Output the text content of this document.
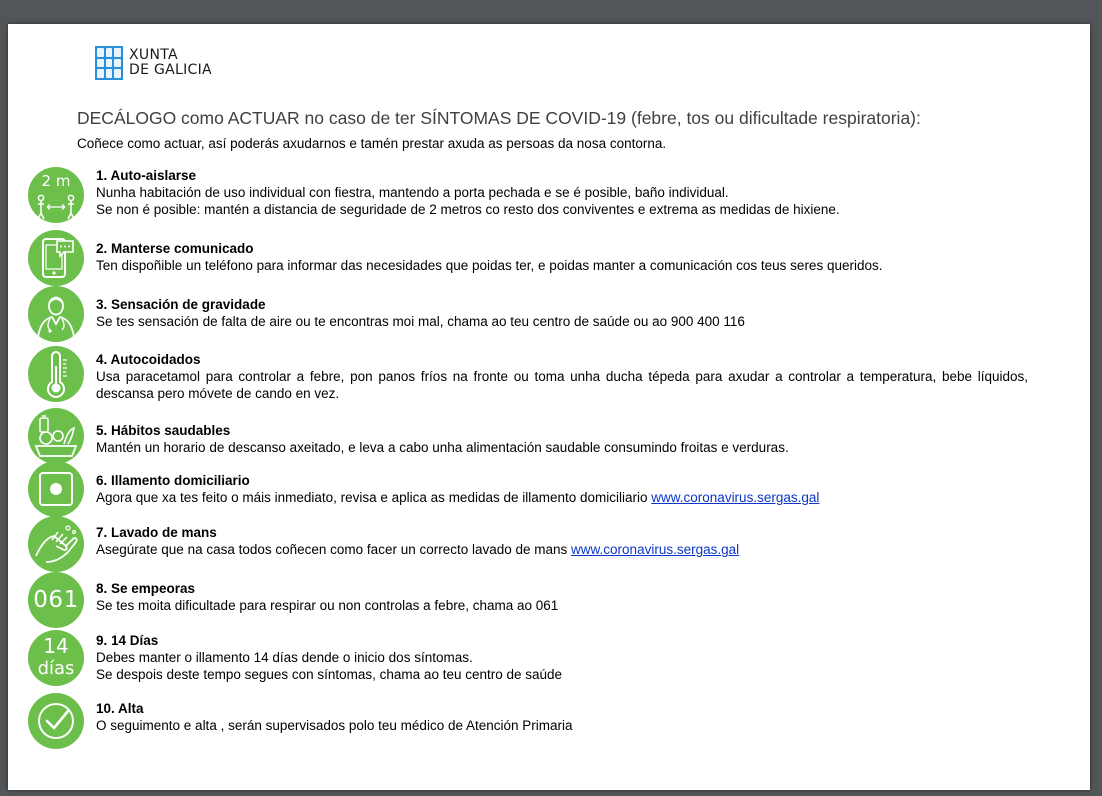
XUNTA
DE GALICIA
DECÁLOGO como ACTUAR no caso de ter SÍNTOMAS DE COVID-19 (febre, tos ou dificultade respiratoria):
Coñece como actuar, así poderás axudarnos e tamén prestar axuda as persoas da nosa contorna.
2 m	1. Auto-aislarse
Nunha habitación de uso individual con fiestra, mantendo a porta pechada e se é posible, baño individual.
Se non é posible: mantén a distancia de seguridade de 2 metros co resto dos conviventes e extrema as medidas de hixiene.
2. Manterse comunicado
Ten dispoñible un teléfono para informar das necesidades que poidas ter, e poidas manter a comunicación cos teus seres queridos.
3. Sensación de gravidade
Se tes sensación de falta de aire ou te encontras moi mal, chama ao teu centro de saúde ou ao 900 400 116
4. Autocoidados
Usa paracetamol para controlar a febre, pon panos fríos na fronte ou toma unha ducha tépeda para axudar a controlar a temperatura, bebe líquidos, descansa pero móvete de cando en vez.
5. Hábitos saudables
Mantén un horario de descanso axeitado, e leva a cabo unha alimentación saudable consumindo froitas e verduras.
6. Illamento domiciliario
Agora que xa tes feito o máis inmediato, revisa e aplica as medidas de illamento domiciliario www.coronavirus.sergas.gal
7. Lavado de mans
Asegúrate que na casa todos coñecen como facer un correcto lavado de mans www.coronavirus.sergas.gal
061	8. Se empeoras
Se tes moita dificultade para respirar ou non controlas a febre, chama ao 061
14
días
9. 14 Días
Debes manter o illamento 14 días dende o inicio dos síntomas.
Se despois deste tempo segues con síntomas, chama ao teu centro de saúde
10. Alta
O seguimento e alta , serán supervisados polo teu médico de Atención Primaria
